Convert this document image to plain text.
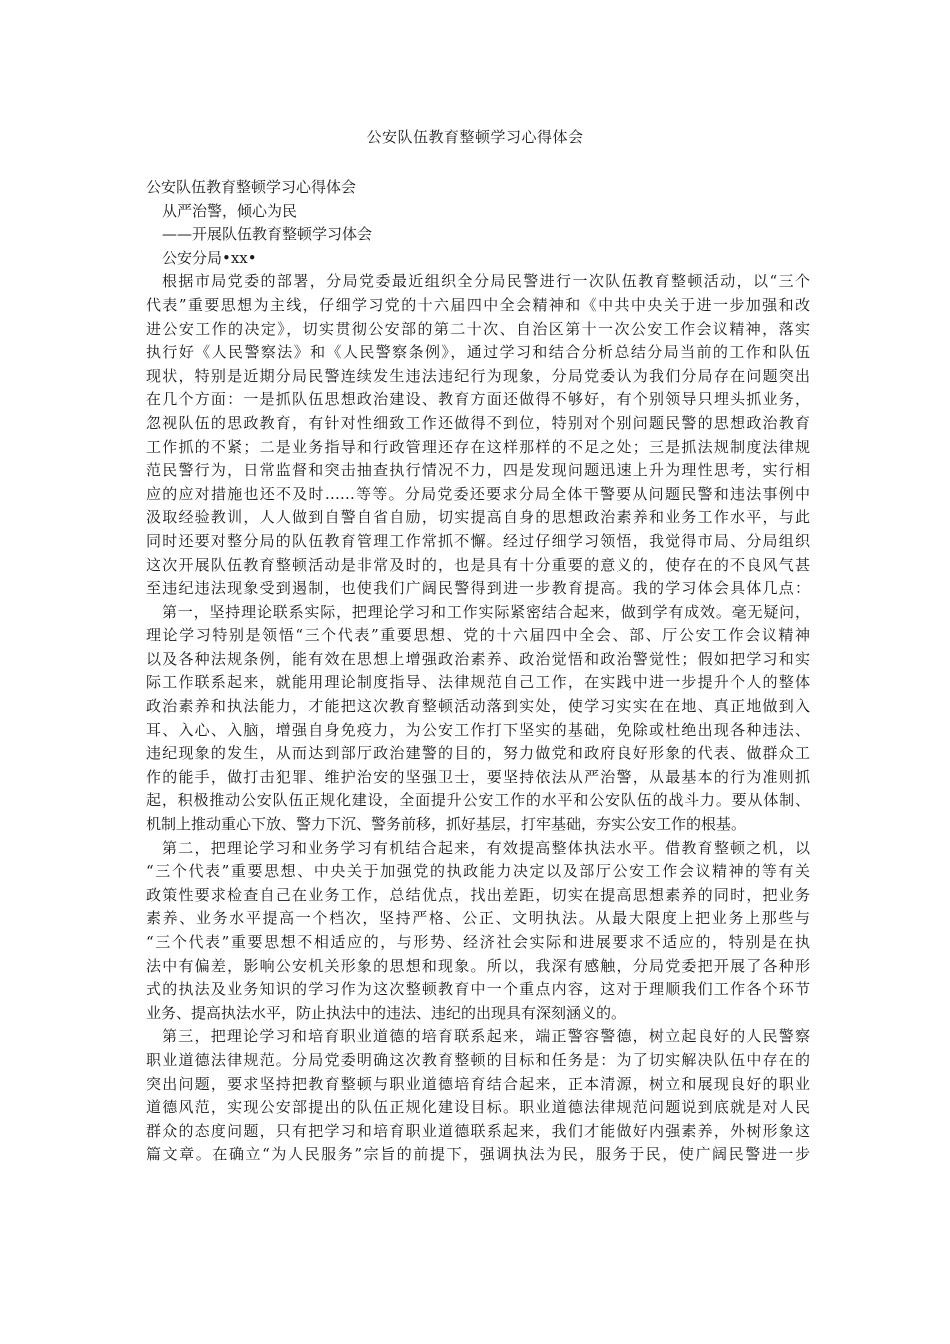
公安队伍教育整顿学习心得体会
公安队伍教育整顿学习心得体会
从严治警，倾心为民
——开展队伍教育整顿学习体会
公安分局•xx•
根据市局党委的部署，分局党委最近组织全分局民警进行一次队伍教育整顿活动，以“三个
代表”重要思想为主线，仔细学习党的十六届四中全会精神和《中共中央关于进一步加强和改
进公安工作的决定》，切实贯彻公安部的第二十次、自治区第十一次公安工作会议精神，落实
执行好《人民警察法》和《人民警察条例》，通过学习和结合分析总结分局当前的工作和队伍
现状，特别是近期分局民警连续发生违法违纪行为现象，分局党委认为我们分局存在问题突出
在几个方面：一是抓队伍思想政治建设、教育方面还做得不够好，有个别领导只埋头抓业务，
忽视队伍的思政教育，有针对性细致工作还做得不到位，特别对个别问题民警的思想政治教育
工作抓的不紧；二是业务指导和行政管理还存在这样那样的不足之处；三是抓法规制度法律规
范民警行为，日常监督和突击抽查执行情况不力，四是发现问题迅速上升为理性思考，实行相
应的应对措施也还不及时……等等。分局党委还要求分局全体干警要从问题民警和违法事例中
汲取经验教训，人人做到自警自省自励，切实提高自身的思想政治素养和业务工作水平，与此
同时还要对整分局的队伍教育管理工作常抓不懈。经过仔细学习领悟，我觉得市局、分局组织
这次开展队伍教育整顿活动是非常及时的，也是具有十分重要的意义的，使存在的不良风气甚
至违纪违法现象受到遏制，也使我们广阔民警得到进一步教育提高。我的学习体会具体几点：
第一，坚持理论联系实际，把理论学习和工作实际紧密结合起来，做到学有成效。毫无疑问，
理论学习特别是领悟“三个代表”重要思想、党的十六届四中全会、部、厅公安工作会议精神
以及各种法规条例，能有效在思想上增强政治素养、政治觉悟和政治警觉性；假如把学习和实
际工作联系起来，就能用理论制度指导、法律规范自己工作，在实践中进一步提升个人的整体
政治素养和执法能力，才能把这次教育整顿活动落到实处，使学习实实在在地、真正地做到入
耳、入心、入脑，增强自身免疫力，为公安工作打下坚实的基础，免除或杜绝出现各种违法、
违纪现象的发生，从而达到部厅政治建警的目的，努力做党和政府良好形象的代表、做群众工
作的能手，做打击犯罪、维护治安的坚强卫士，要坚持依法从严治警，从最基本的行为准则抓
起，积极推动公安队伍正规化建设，全面提升公安工作的水平和公安队伍的战斗力。要从体制、
机制上推动重心下放、警力下沉、警务前移，抓好基层，打牢基础，夯实公安工作的根基。
第二，把理论学习和业务学习有机结合起来，有效提高整体执法水平。借教育整顿之机，以
“三个代表”重要思想、中央关于加强党的执政能力决定以及部厅公安工作会议精神的等有关
政策性要求检查自己在业务工作，总结优点，找出差距，切实在提高思想素养的同时，把业务
素养、业务水平提高一个档次，坚持严格、公正、文明执法。从最大限度上把业务上那些与
“三个代表”重要思想不相适应的，与形势、经济社会实际和进展要求不适应的，特别是在执
法中有偏差，影响公安机关形象的思想和现象。所以，我深有感触，分局党委把开展了各种形
式的执法及业务知识的学习作为这次整顿教育中一个重点内容，这对于理顺我们工作各个环节
业务、提高执法水平，防止执法中的违法、违纪的出现具有深刻涵义的。
第三，把理论学习和培育职业道德的培育联系起来，端正警容警德，树立起良好的人民警察
职业道德法律规范。分局党委明确这次教育整顿的目标和任务是：为了切实解决队伍中存在的
突出问题，要求坚持把教育整顿与职业道德培育结合起来，正本清源，树立和展现良好的职业
道德风范，实现公安部提出的队伍正规化建设目标。职业道德法律规范问题说到底就是对人民
群众的态度问题，只有把学习和培育职业道德联系起来，我们才能做好内强素养，外树形象这
篇文章。在确立“为人民服务”宗旨的前提下，强调执法为民，服务于民，使广阔民警进一步
